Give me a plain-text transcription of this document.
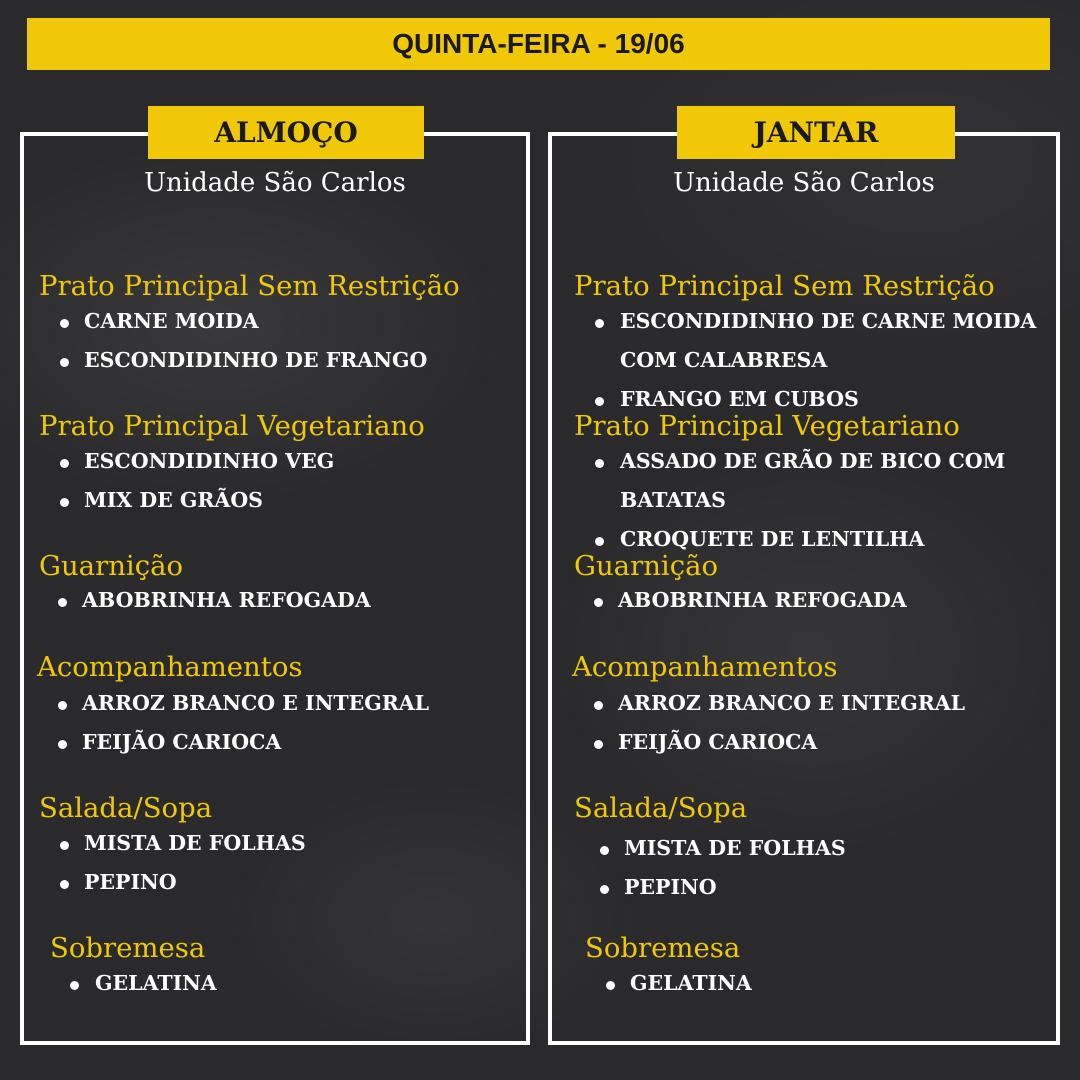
QUINTA-FEIRA - 19/06
ALMOÇO
Unidade São Carlos
Prato Principal Sem Restrição
CARNE MOIDA
ESCONDIDINHO DE FRANGO
Prato Principal Vegetariano
ESCONDIDINHO VEG
MIX DE GRÃOS
Guarnição
ABOBRINHA REFOGADA
Acompanhamentos
ARROZ BRANCO E INTEGRAL
FEIJÃO CARIOCA
Salada/Sopa
MISTA DE FOLHAS
PEPINO
Sobremesa
GELATINA
JANTAR
Unidade São Carlos
Prato Principal Sem Restrição
ESCONDIDINHO DE CARNE MOIDA
COM CALABRESA
FRANGO EM CUBOS
Prato Principal Vegetariano
ASSADO DE GRÃO DE BICO COM
BATATAS
CROQUETE DE LENTILHA
Guarnição
ABOBRINHA REFOGADA
Acompanhamentos
ARROZ BRANCO E INTEGRAL
FEIJÃO CARIOCA
Salada/Sopa
MISTA DE FOLHAS
PEPINO
Sobremesa
GELATINA
